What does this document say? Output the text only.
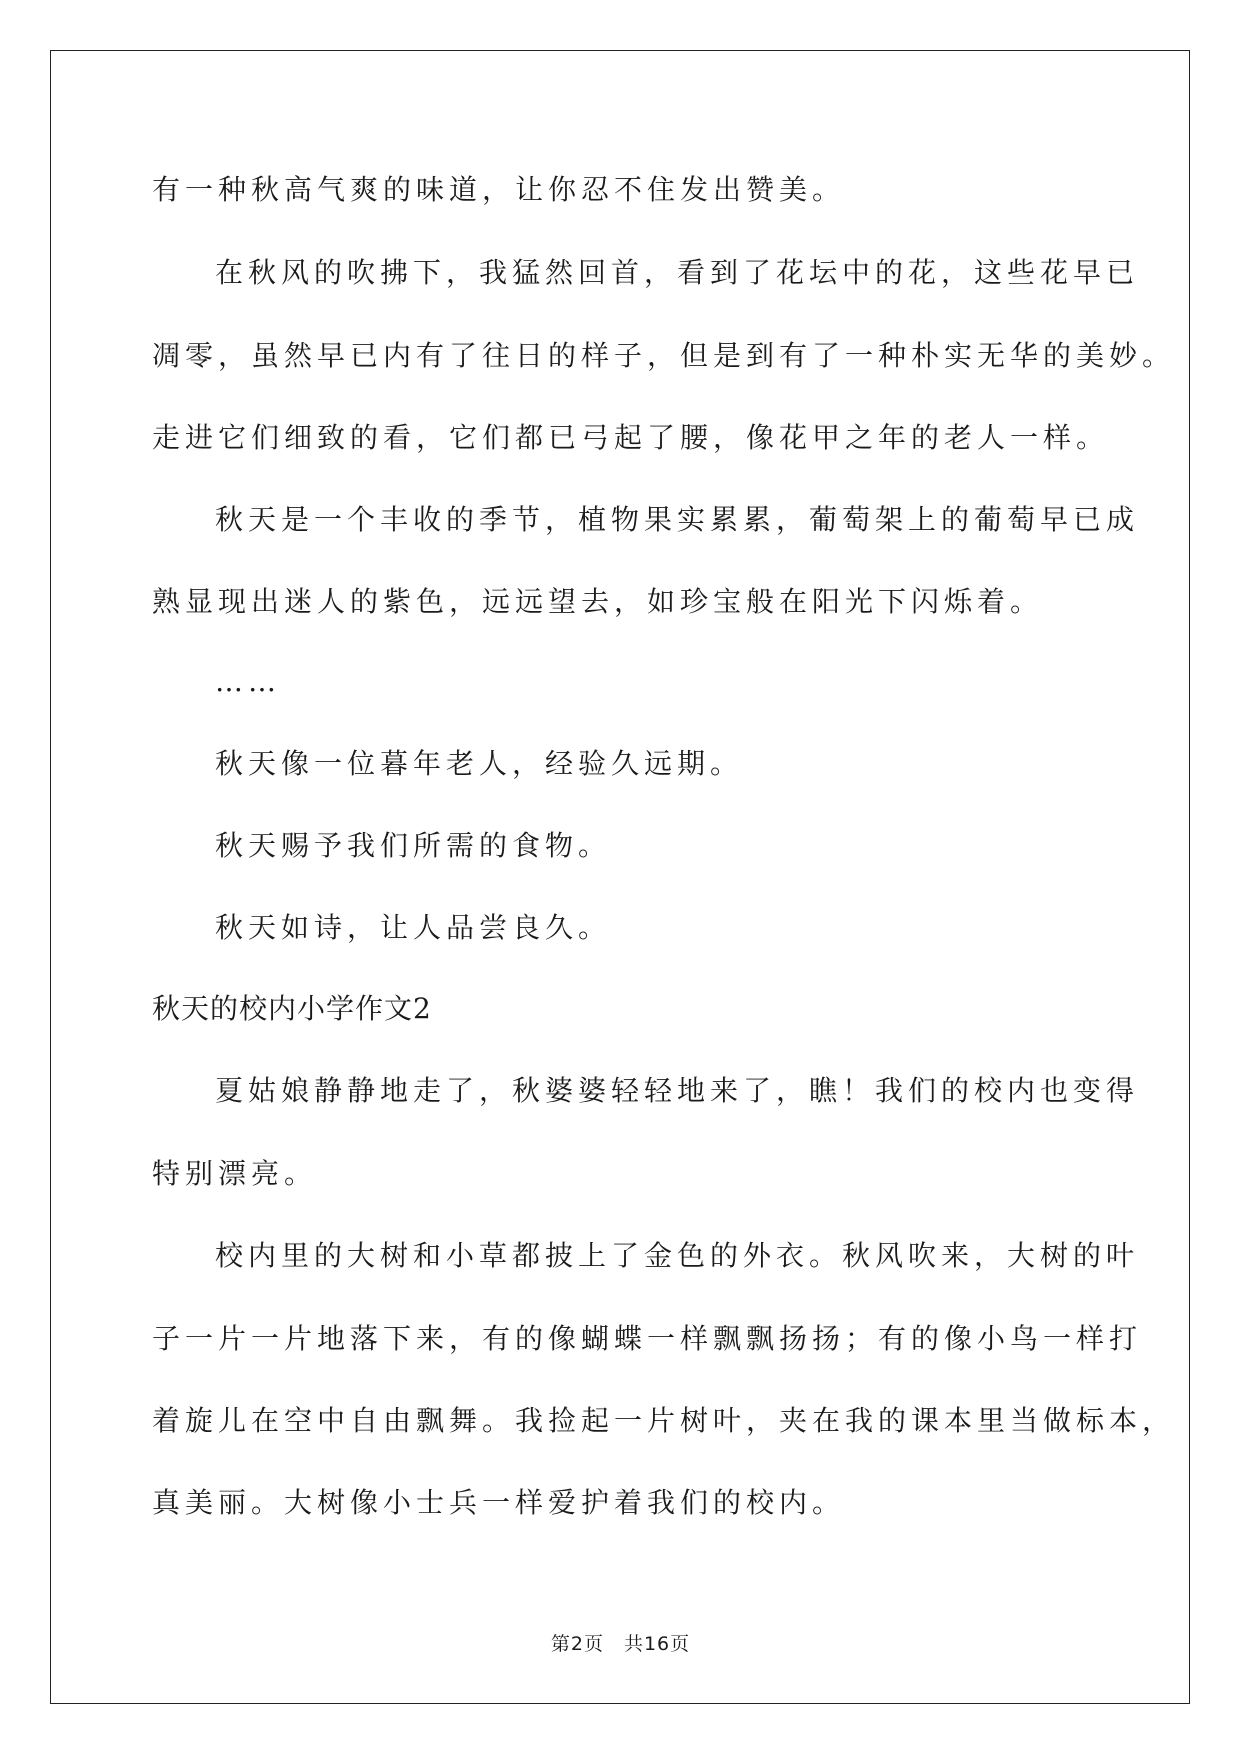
有一种秋高气爽的味道，让你忍不住发出赞美。
在秋风的吹拂下，我猛然回首，看到了花坛中的花，这些花早已
凋零，虽然早已内有了往日的样子，但是到有了一种朴实无华的美妙。
走进它们细致的看，它们都已弓起了腰，像花甲之年的老人一样。
秋天是一个丰收的季节，植物果实累累，葡萄架上的葡萄早已成
熟显现出迷人的紫色，远远望去，如珍宝般在阳光下闪烁着。
……
秋天像一位暮年老人，经验久远期。
秋天赐予我们所需的食物。
秋天如诗，让人品尝良久。
秋天的校内小学作文2
夏姑娘静静地走了，秋婆婆轻轻地来了，瞧！我们的校内也变得
特别漂亮。
校内里的大树和小草都披上了金色的外衣。秋风吹来，大树的叶
子一片一片地落下来，有的像蝴蝶一样飘飘扬扬；有的像小鸟一样打
着旋儿在空中自由飘舞。我捡起一片树叶，夹在我的课本里当做标本，
真美丽。大树像小士兵一样爱护着我们的校内。
第2页 共16页
